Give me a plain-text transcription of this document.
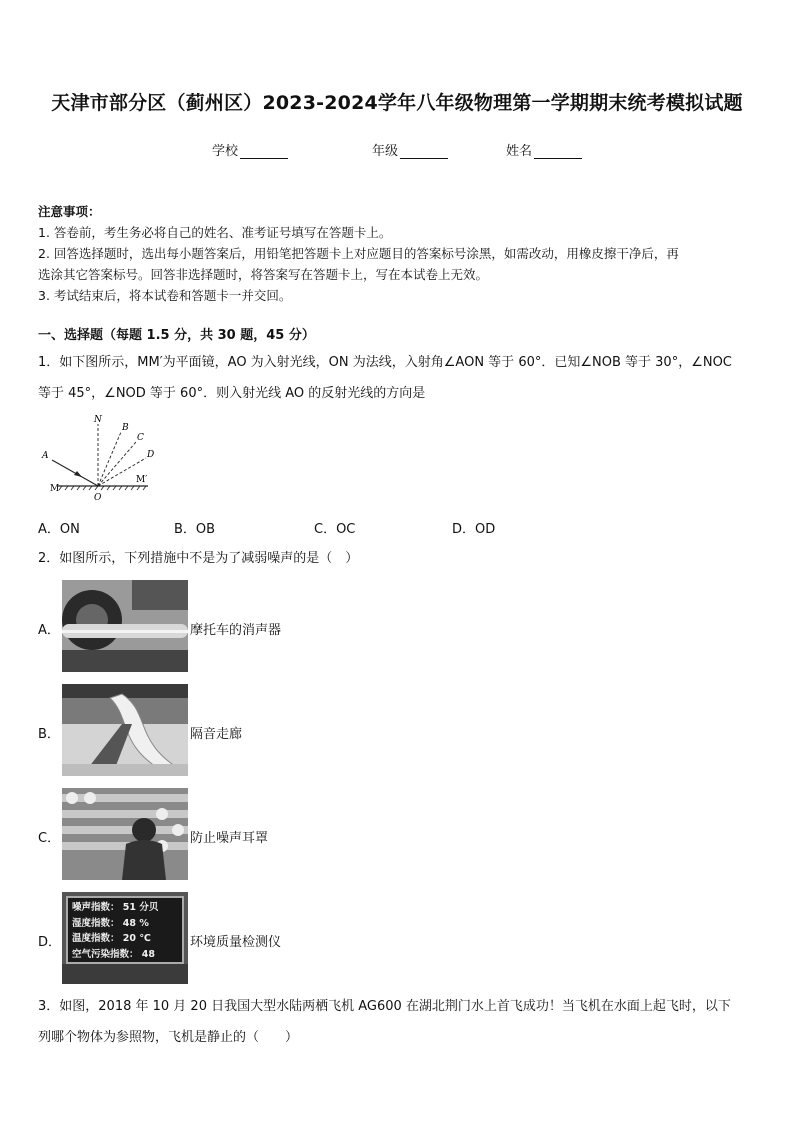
天津市部分区（蓟州区）2023-2024学年八年级物理第一学期期末统考模拟试题
学校	年级	姓名
注意事项：
1. 答卷前，考生务必将自己的姓名、准考证号填写在答题卡上。
2. 回答选择题时，选出每小题答案后，用铅笔把答题卡上对应题目的答案标号涂黑，如需改动，用橡皮擦干净后，再
选涂其它答案标号。回答非选择题时，将答案写在答题卡上，写在本试卷上无效。
3. 考试结束后，将本试卷和答题卡一并交回。
一、选择题（每题 1.5 分，共 30 题，45 分）
1．如下图所示，MM′为平面镜，AO 为入射光线，ON 为法线，入射角∠AON 等于 60°．已知∠NOB 等于 30°，∠NOC
等于 45°，∠NOD 等于 60°．则入射光线 AO 的反射光线的方向是
N
B
C
D
A
M
O
M′
A．ON	B．OB	C．OC	D．OD
2．如图所示，下列措施中不是为了减弱噪声的是（　）
A．	摩托车的消声器
B．	隔音走廊
C．	防止噪声耳罩
D．
噪声指数： 51 分贝
湿度指数： 48 %
温度指数： 20 ℃
空气污染指数： 48
环境质量检测仪
3．如图，2018 年 10 月 20 日我国大型水陆两栖飞机 AG600 在湖北荆门水上首飞成功！当飞机在水面上起飞时，以下
列哪个物体为参照物，飞机是静止的（　　）
